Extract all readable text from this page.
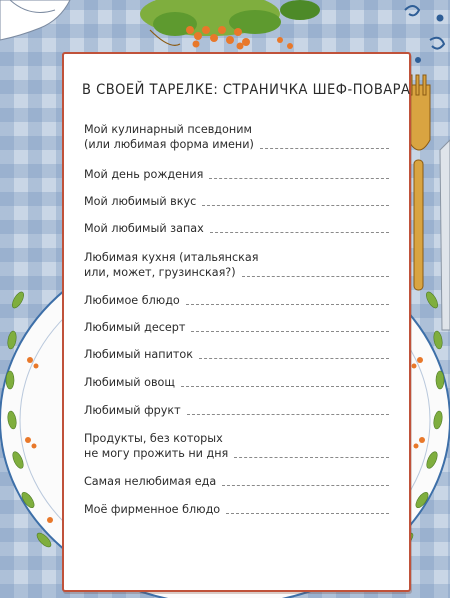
В СВОЕЙ ТАРЕЛКЕ: СТРАНИЧКА ШЕФ-ПОВАРА
Мой кулинарный псевдоним
(или любимая форма имени)
Мой день рождения
Мой любимый вкус
Мой любимый запах
Любимая кухня (итальянская
или, может, грузинская?)
Любимое блюдо
Любимый десерт
Любимый напиток
Любимый овощ
Любимый фрукт
Продукты, без которых
не могу прожить ни дня
Самая нелюбимая еда
Моё фирменное блюдо
